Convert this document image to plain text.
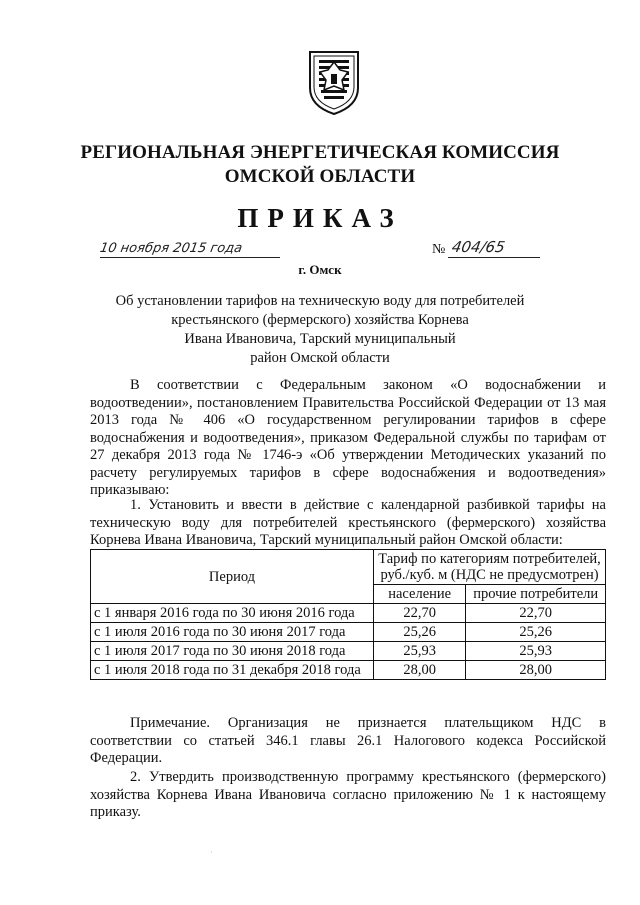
РЕГИОНАЛЬНАЯ ЭНЕРГЕТИЧЕСКАЯ КОМИССИЯ
ОМСКОЙ ОБЛАСТИ
ПРИКАЗ
10 ноября 2015 года	№ 404/65
г. Омск
Об установлении тарифов на техническую воду для потребителей
крестьянского (фермерского) хозяйства Корнева
Ивана Ивановича, Тарский муниципальный
район Омской области
В соответствии с Федеральным законом «О водоснабжении и водоотведении», постановлением Правительства Российской Федерации от 13 мая 2013 года № 406 «О государственном регулировании тарифов в сфере водоснабжения и водоотведения», приказом Федеральной службы по тарифам от 27 декабря 2013 года № 1746-э «Об утверждении Методических указаний по расчету регулируемых тарифов в сфере водоснабжения и водоотведения» приказываю:
1. Установить и ввести в действие с календарной разбивкой тарифы на техническую воду для потребителей крестьянского (фермерского) хозяйства Корнева Ивана Ивановича, Тарский муниципальный район Омской области:
Период	Тариф по категориям потребителей, руб./куб. м (НДС не предусмотрен)	
	население	прочие потребители
с 1 января 2016 года по 30 июня 2016 года	22,70	22,70
с 1 июля 2016 года по 30 июня 2017 года	25,26	25,26
с 1 июля 2017 года по 30 июня 2018 года	25,93	25,93
с 1 июля 2018 года по 31 декабря 2018 года	28,00	28,00
Примечание. Организация не признается плательщиком НДС в соответствии со статьей 346.1 главы 26.1 Налогового кодекса Российской Федерации.
2. Утвердить производственную программу крестьянского (фермерского) хозяйства Корнева Ивана Ивановича согласно приложению № 1 к настоящему приказу.
·
